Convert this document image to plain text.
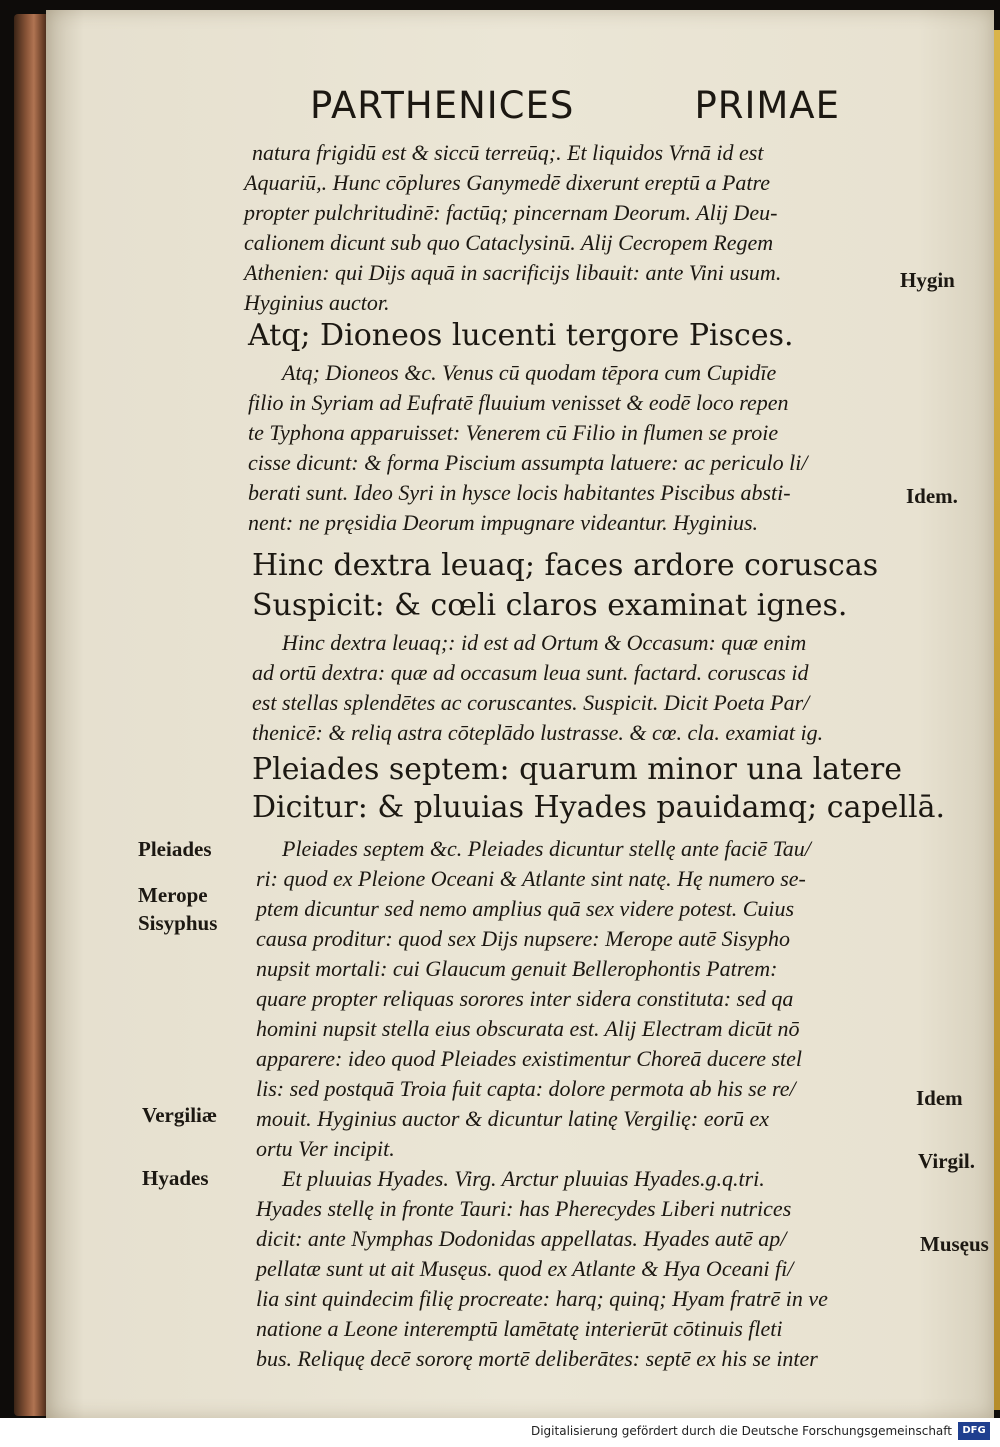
PARTHENICES	PRIMAE
natura frigidū est & siccū terreūq;. Et liquidos Vrnā id est
Aquariū,. Hunc cōplures Ganymedē dixerunt ereptū a Patre
propter pulchritudinē: factūq; pincernam Deorum. Alij Deu-
calionem dicunt sub quo Cataclysinū. Alij Cecropem Regem
Athenien: qui Dijs aquā in sacrificijs libauit: ante Vini usum.
Hyginius auctor.
Atq; Dioneos lucenti tergore Pisces.
Atq; Dioneos &c. Venus cū quodam tēpora cum Cupidīe
filio in Syriam ad Eufratē fluuium venisset & eodē loco repen
te Typhona apparuisset: Venerem cū Filio in flumen se proie
cisse dicunt: & forma Piscium assumpta latuere: ac periculo li/
berati sunt. Ideo Syri in hysce locis habitantes Piscibus absti-
nent: ne pręsidia Deorum impugnare videantur. Hyginius.
Hinc dextra leuaq; faces ardore coruscas
Suspicit: & cœli claros examinat ignes.
Hinc dextra leuaq;: id est ad Ortum & Occasum: quæ enim
ad ortū dextra: quæ ad occasum leua sunt. factard. coruscas id
est stellas splendētes ac coruscantes. Suspicit. Dicit Poeta Par/
thenicē: & reliq astra cōteplādo lustrasse. & cœ. cla. examiat ig.
Pleiades septem: quarum minor una latere
Dicitur: & pluuias Hyades pauidamq; capellā.
Pleiades septem &c. Pleiades dicuntur stellę ante faciē Tau/
ri: quod ex Pleione Oceani & Atlante sint natę. Hę numero se-
ptem dicuntur sed nemo amplius quā sex videre potest. Cuius
causa proditur: quod sex Dijs nupsere: Merope autē Sisypho
nupsit mortali: cui Glaucum genuit Bellerophontis Patrem:
quare propter reliquas sorores inter sidera constituta: sed qa
homini nupsit stella eius obscurata est. Alij Electram dicūt nō
apparere: ideo quod Pleiades existimentur Choreā ducere stel
lis: sed postquā Troia fuit capta: dolore permota ab his se re/
mouit. Hyginius auctor & dicuntur latinę Vergilię: eorū ex
ortu Ver incipit.
Et pluuias Hyades. Virg. Arctur pluuias Hyades.g.q.tri.
Hyades stellę in fronte Tauri: has Pherecydes Liberi nutrices
dicit: ante Nymphas Dodonidas appellatas. Hyades autē ap/
pellatæ sunt ut ait Musęus. quod ex Atlante & Hya Oceani fi/
lia sint quindecim filię procreate: harq; quinq; Hyam fratrē in ve
natione a Leone interemptū lamētatę interierūt cōtinuis fleti
bus. Reliquę decē sororę mortē deliberātes: septē ex his se inter
Pleiades
Merope
Sisyphus
Vergiliæ
Hyades
Hygin
Idem.
Idem
Virgil.
Musęus
Digitalisierung gefördert durch die Deutsche Forschungsgemeinschaft	DFG
